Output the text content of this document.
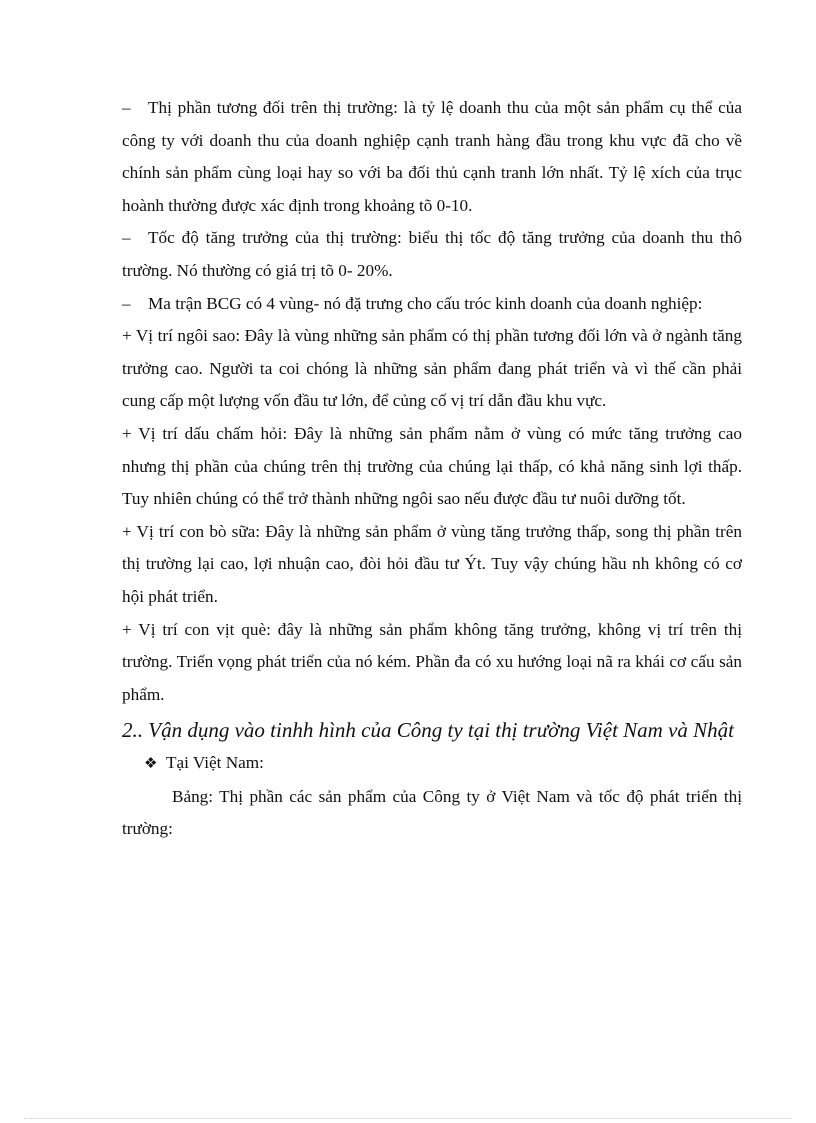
– Thị phần tương đối trên thị trường: là tỷ lệ doanh thu của một sản phẩm cụ thể của công ty với doanh thu của doanh nghiệp cạnh tranh hàng đầu trong khu vực đã cho về chính sản phẩm cùng loại hay so với ba đối thủ cạnh tranh lớn nhất. Tỷ lệ xích của trục hoành thường được xác định trong khoảng tõ 0-10.

– Tốc độ tăng trưởng của thị trường: biểu thị tốc độ tăng trưởng của doanh thu thô trường. Nó thường có giá trị tõ 0- 20%.

– Ma trận BCG có 4 vùng- nó đặ trưng cho cấu tróc kinh doanh của doanh nghiệp:

+ Vị trí ngôi sao: Đây là vùng những sản phẩm có thị phần tương đối lớn và ở ngành tăng trưởng cao. Người ta coi chóng là những sản phẩm đang phát triển và vì thế cần phải cung cấp một lượng vốn đầu tư lớn, để củng cố vị trí dẫn đầu khu vực.

+ Vị trí dấu chấm hỏi: Đây là những sản phẩm nằm ở vùng có mức tăng trưởng cao nhưng thị phần của chúng trên thị trường của chúng lại thấp, có khả năng sinh lợi thấp. Tuy nhiên chúng có thể trở thành những ngôi sao nếu được đầu tư nuôi dưỡng tốt.

+ Vị trí con bò sữa: Đây là những sản phẩm ở vùng tăng trưởng thấp, song thị phần trên thị trường lại cao, lợi nhuận cao, đòi hỏi đầu tư Ýt. Tuy vậy chúng hầu nh không có cơ hội phát triển.

+ Vị trí con vịt què: đây là những sản phẩm không tăng trưởng, không vị trí trên thị trường. Triển vọng phát triển của nó kém. Phần đa có xu hướng loại nã ra khái cơ cấu sản phẩm.

2.. Vận dụng vào tinhh hình của Công ty tại thị trường Việt Nam và Nhật

❖ Tại Việt Nam:

Bảng: Thị phần các sản phẩm của Công ty ở Việt Nam và tốc độ phát triển thị trường:
